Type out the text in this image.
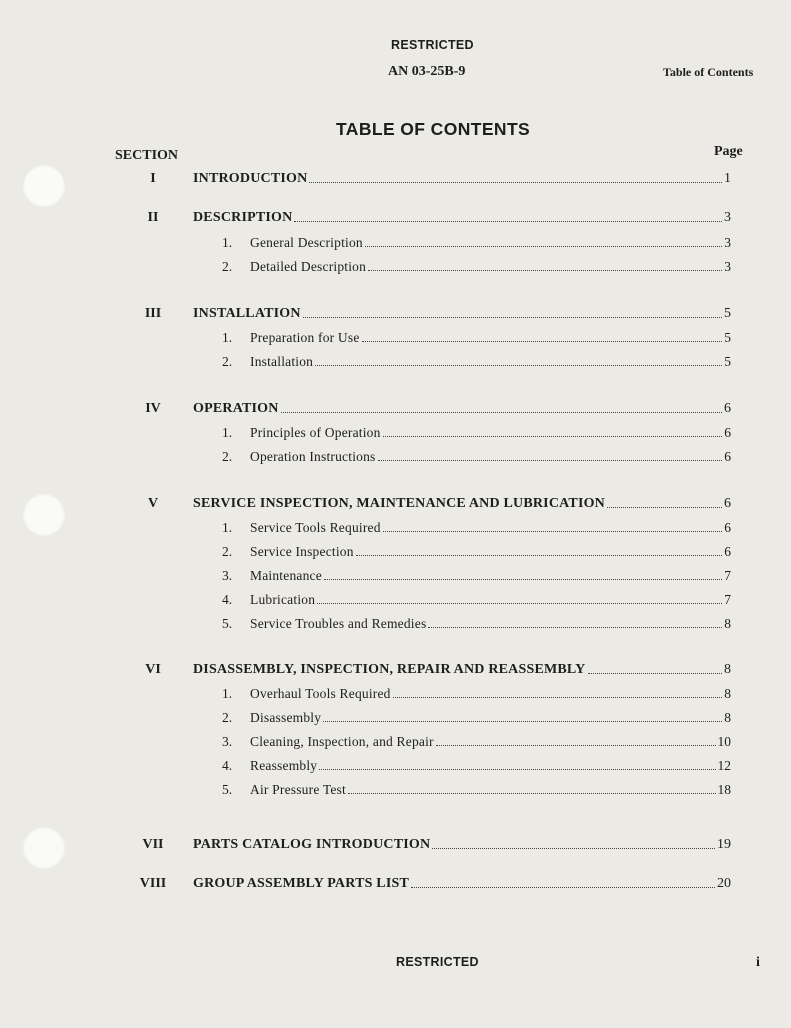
RESTRICTED
AN 03-25B-9	Table of Contents
TABLE OF CONTENTS
SECTION	Page
I	INTRODUCTION	1
II	DESCRIPTION	3
1.	General Description	3
2.	Detailed Description	3
III	INSTALLATION	5
1.	Preparation for Use	5
2.	Installation	5
IV	OPERATION	6
1.	Principles of Operation	6
2.	Operation Instructions	6
V	SERVICE INSPECTION, MAINTENANCE AND LUBRICATION	6
1.	Service Tools Required	6
2.	Service Inspection	6
3.	Maintenance	7
4.	Lubrication	7
5.	Service Troubles and Remedies	8
VI	DISASSEMBLY, INSPECTION, REPAIR AND REASSEMBLY	8
1.	Overhaul Tools Required	8
2.	Disassembly	8
3.	Cleaning, Inspection, and Repair	10
4.	Reassembly	12
5.	Air Pressure Test	18
VII	PARTS CATALOG INTRODUCTION	19
VIII	GROUP ASSEMBLY PARTS LIST	20
RESTRICTED	i
